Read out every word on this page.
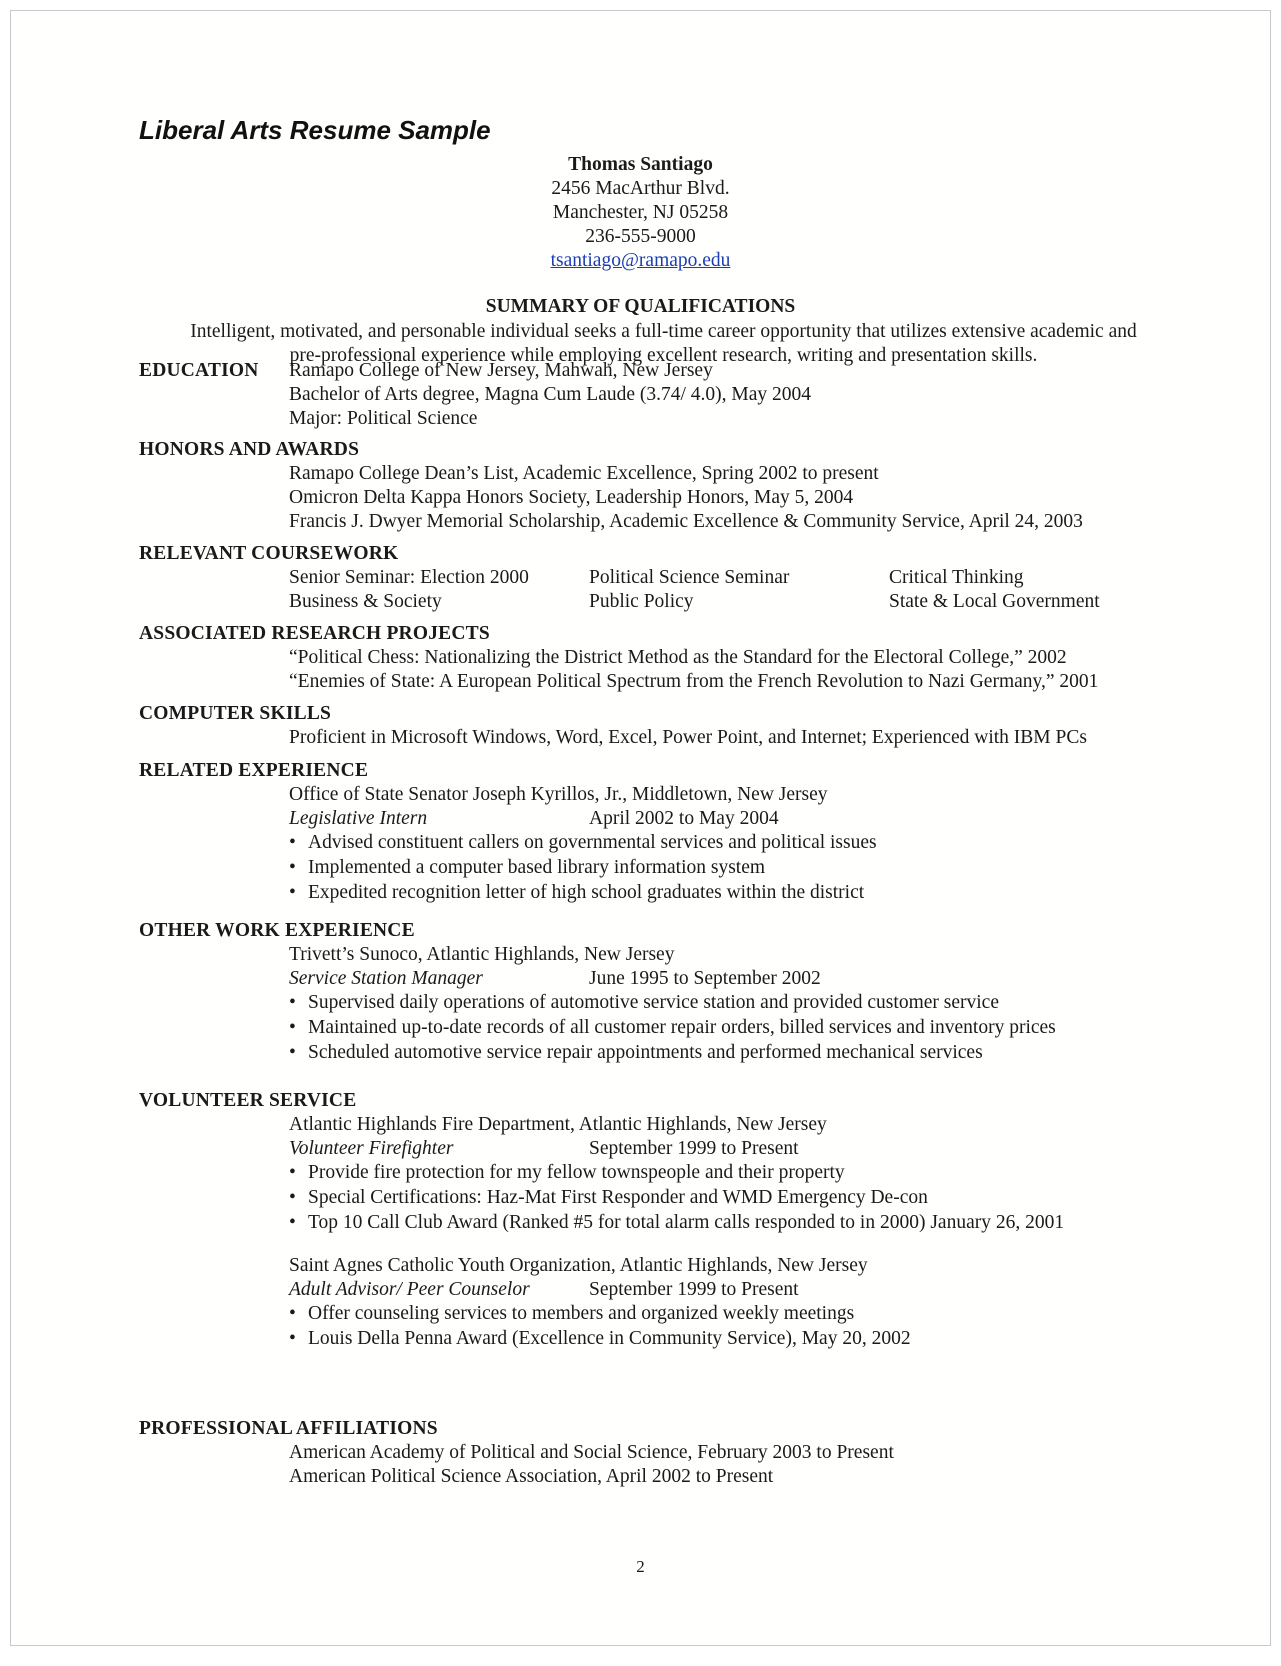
Liberal Arts Resume Sample
Thomas Santiago
2456 MacArthur Blvd.
Manchester, NJ 05258
236-555-9000
tsantiago@ramapo.edu
SUMMARY OF QUALIFICATIONS
Intelligent, motivated, and personable individual seeks a full-time career opportunity that utilizes extensive academic and
pre-professional experience while employing excellent research, writing and presentation skills.
EDUCATION Ramapo College of New Jersey, Mahwah, New Jersey
Bachelor of Arts degree, Magna Cum Laude (3.74/ 4.0), May 2004
Major: Political Science
HONORS AND AWARDS
Ramapo College Dean’s List, Academic Excellence, Spring 2002 to present
Omicron Delta Kappa Honors Society, Leadership Honors, May 5, 2004
Francis J. Dwyer Memorial Scholarship, Academic Excellence & Community Service, April 24, 2003
RELEVANT COURSEWORK
Senior Seminar: Election 2000	Political Science Seminar	Critical Thinking
Business & Society	Public Policy	State & Local Government
ASSOCIATED RESEARCH PROJECTS
“Political Chess: Nationalizing the District Method as the Standard for the Electoral College,” 2002
“Enemies of State: A European Political Spectrum from the French Revolution to Nazi Germany,” 2001
COMPUTER SKILLS
Proficient in Microsoft Windows, Word, Excel, Power Point, and Internet; Experienced with IBM PCs
RELATED EXPERIENCE
Office of State Senator Joseph Kyrillos, Jr., Middletown, New Jersey
Legislative Intern	April 2002 to May 2004
• Advised constituent callers on governmental services and political issues
• Implemented a computer based library information system
• Expedited recognition letter of high school graduates within the district
OTHER WORK EXPERIENCE
Trivett’s Sunoco, Atlantic Highlands, New Jersey
Service Station Manager	June 1995 to September 2002
• Supervised daily operations of automotive service station and provided customer service
• Maintained up-to-date records of all customer repair orders, billed services and inventory prices
• Scheduled automotive service repair appointments and performed mechanical services
VOLUNTEER SERVICE
Atlantic Highlands Fire Department, Atlantic Highlands, New Jersey
Volunteer Firefighter	September 1999 to Present
• Provide fire protection for my fellow townspeople and their property
• Special Certifications: Haz-Mat First Responder and WMD Emergency De-con
• Top 10 Call Club Award (Ranked #5 for total alarm calls responded to in 2000) January 26, 2001
Saint Agnes Catholic Youth Organization, Atlantic Highlands, New Jersey
Adult Advisor/ Peer Counselor	September 1999 to Present
• Offer counseling services to members and organized weekly meetings
• Louis Della Penna Award (Excellence in Community Service), May 20, 2002
PROFESSIONAL AFFILIATIONS
American Academy of Political and Social Science, February 2003 to Present
American Political Science Association, April 2002 to Present
2
